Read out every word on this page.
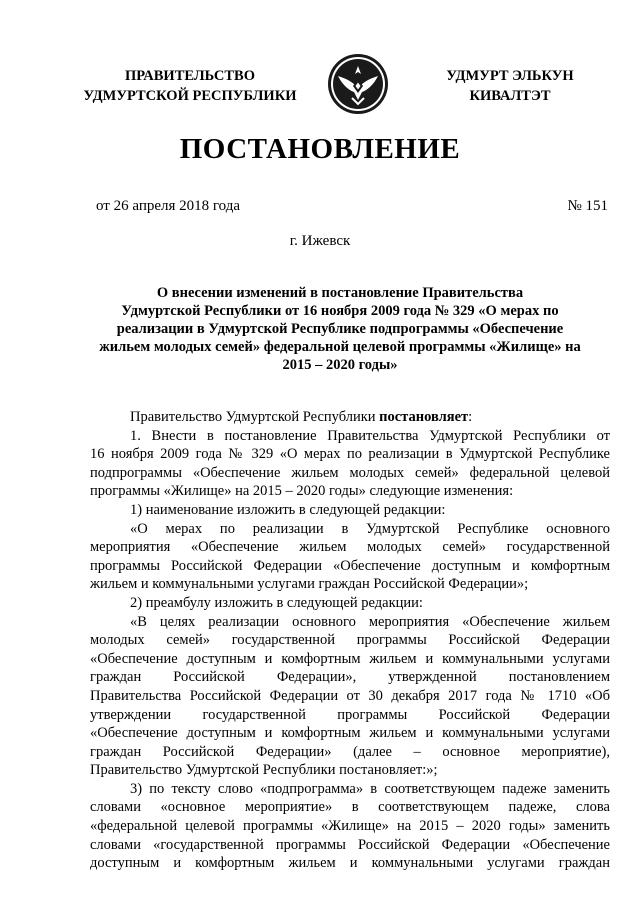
ПРАВИТЕЛЬСТВО
УДМУРТСКОЙ РЕСПУБЛИКИ
УДМУРТ ЭЛЬКУН
КИВАЛТЭТ
ПОСТАНОВЛЕНИЕ
от 26 апреля 2018 года	№ 151
г. Ижевск
О внесении изменений в постановление Правительства
Удмуртской Республики от 16 ноября 2009 года № 329 «О мерах по
реализации в Удмуртской Республике подпрограммы «Обеспечение
жильем молодых семей» федеральной целевой программы «Жилище» на
2015 – 2020 годы»
Правительство Удмуртской Республики постановляет:
1. Внести в постановление Правительства Удмуртской Республики от
16 ноября 2009 года № 329 «О мерах по реализации в Удмуртской Республике
подпрограммы «Обеспечение жильем молодых семей» федеральной целевой
программы «Жилище» на 2015 – 2020 годы» следующие изменения:
1) наименование изложить в следующей редакции:
«О мерах по реализации в Удмуртской Республике основного
мероприятия «Обеспечение жильем молодых семей» государственной
программы Российской Федерации «Обеспечение доступным и комфортным
жильем и коммунальными услугами граждан Российской Федерации»;
2) преамбулу изложить в следующей редакции:
«В целях реализации основного мероприятия «Обеспечение жильем
молодых семей» государственной программы Российской Федерации
«Обеспечение доступным и комфортным жильем и коммунальными услугами
граждан Российской Федерации», утвержденной постановлением
Правительства Российской Федерации от 30 декабря 2017 года № 1710 «Об
утверждении государственной программы Российской Федерации
«Обеспечение доступным и комфортным жильем и коммунальными услугами
граждан Российской Федерации» (далее – основное мероприятие),
Правительство Удмуртской Республики постановляет:»;
3) по тексту слово «подпрограмма» в соответствующем падеже заменить
словами «основное мероприятие» в соответствующем падеже, слова
«федеральной целевой программы «Жилище» на 2015 – 2020 годы» заменить
словами «государственной программы Российской Федерации «Обеспечение
доступным и комфортным жильем и коммунальными услугами граждан
